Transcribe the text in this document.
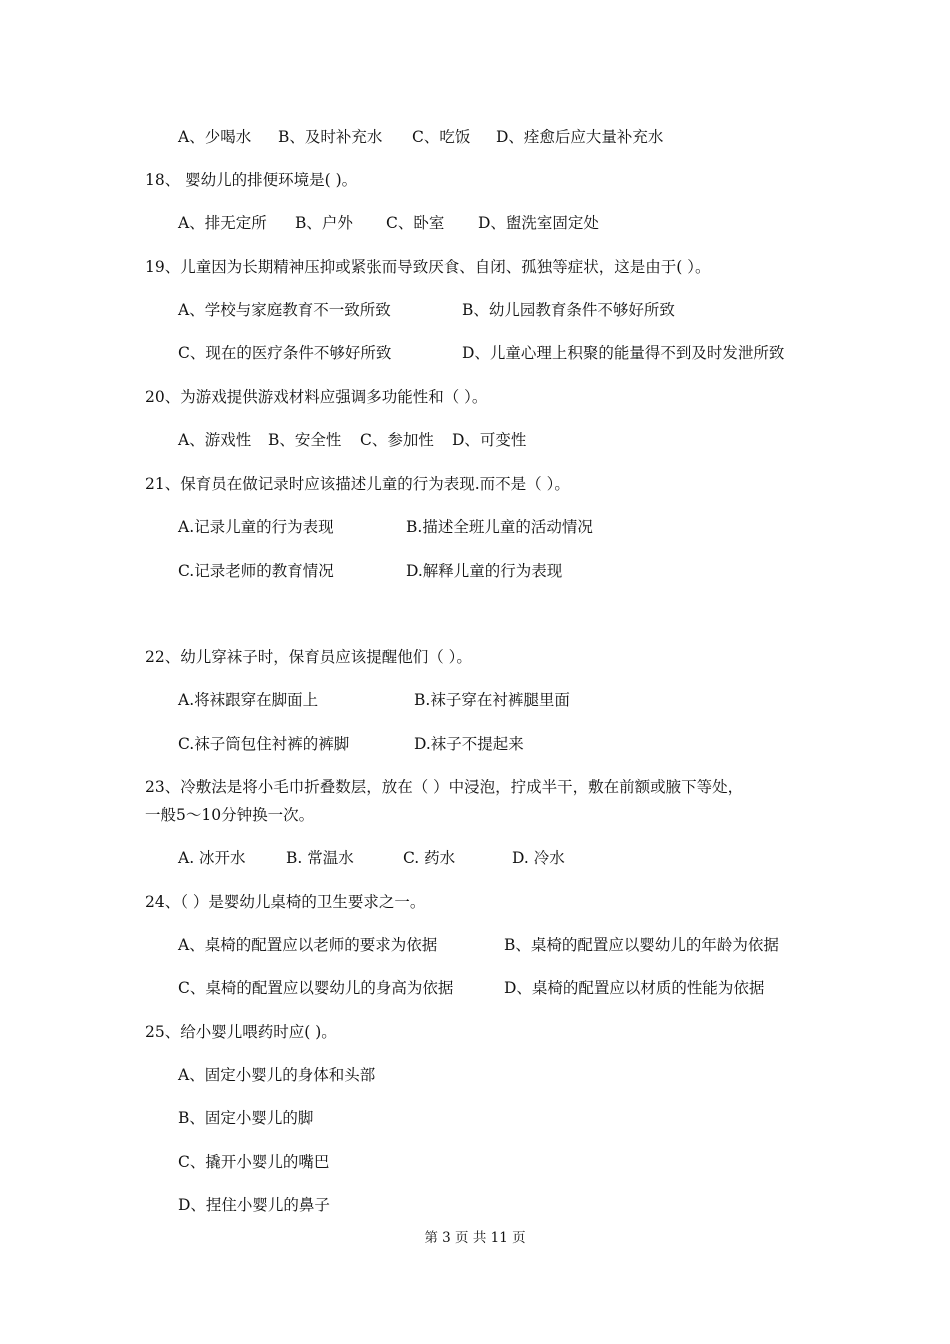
A、少喝水 B、及时补充水 C、吃饭 D、痊愈后应大量补充水
18、 婴幼儿的排便环境是( )。
A、排无定所 B、户外 C、卧室 D、盥洗室固定处
19、儿童因为长期精神压抑或紧张而导致厌食、自闭、孤独等症状，这是由于( ）。
A、学校与家庭教育不一致所致	B、幼儿园教育条件不够好所致
C、现在的医疗条件不够好所致	D、儿童心理上积聚的能量得不到及时发泄所致
20、为游戏提供游戏材料应强调多功能性和（ ）。
A、游戏性 B、安全性 C、参加性 D、可变性
21、保育员在做记录时应该描述儿童的行为表现.而不是（ ）。
A.记录儿童的行为表现	B.描述全班儿童的活动情况
C.记录老师的教育情况	D.解释儿童的行为表现
22、幼儿穿袜子时，保育员应该提醒他们（ ）。
A.将袜跟穿在脚面上	B.袜子穿在衬裤腿里面
C.袜子筒包住衬裤的裤脚	D.袜子不提起来
23、冷敷法是将小毛巾折叠数层，放在（ ）中浸泡，拧成半干，敷在前额或腋下等处，
一般5～10分钟换一次。
A. 冰开水	B. 常温水	C. 药水	D. 冷水
24、（ ）是婴幼儿桌椅的卫生要求之一。
A、桌椅的配置应以老师的要求为依据	B、桌椅的配置应以婴幼儿的年龄为依据
C、桌椅的配置应以婴幼儿的身高为依据	D、桌椅的配置应以材质的性能为依据
25、给小婴儿喂药时应( )。
A、固定小婴儿的身体和头部
B、固定小婴儿的脚
C、撬开小婴儿的嘴巴
D、捏住小婴儿的鼻子
第 3 页 共 11 页
